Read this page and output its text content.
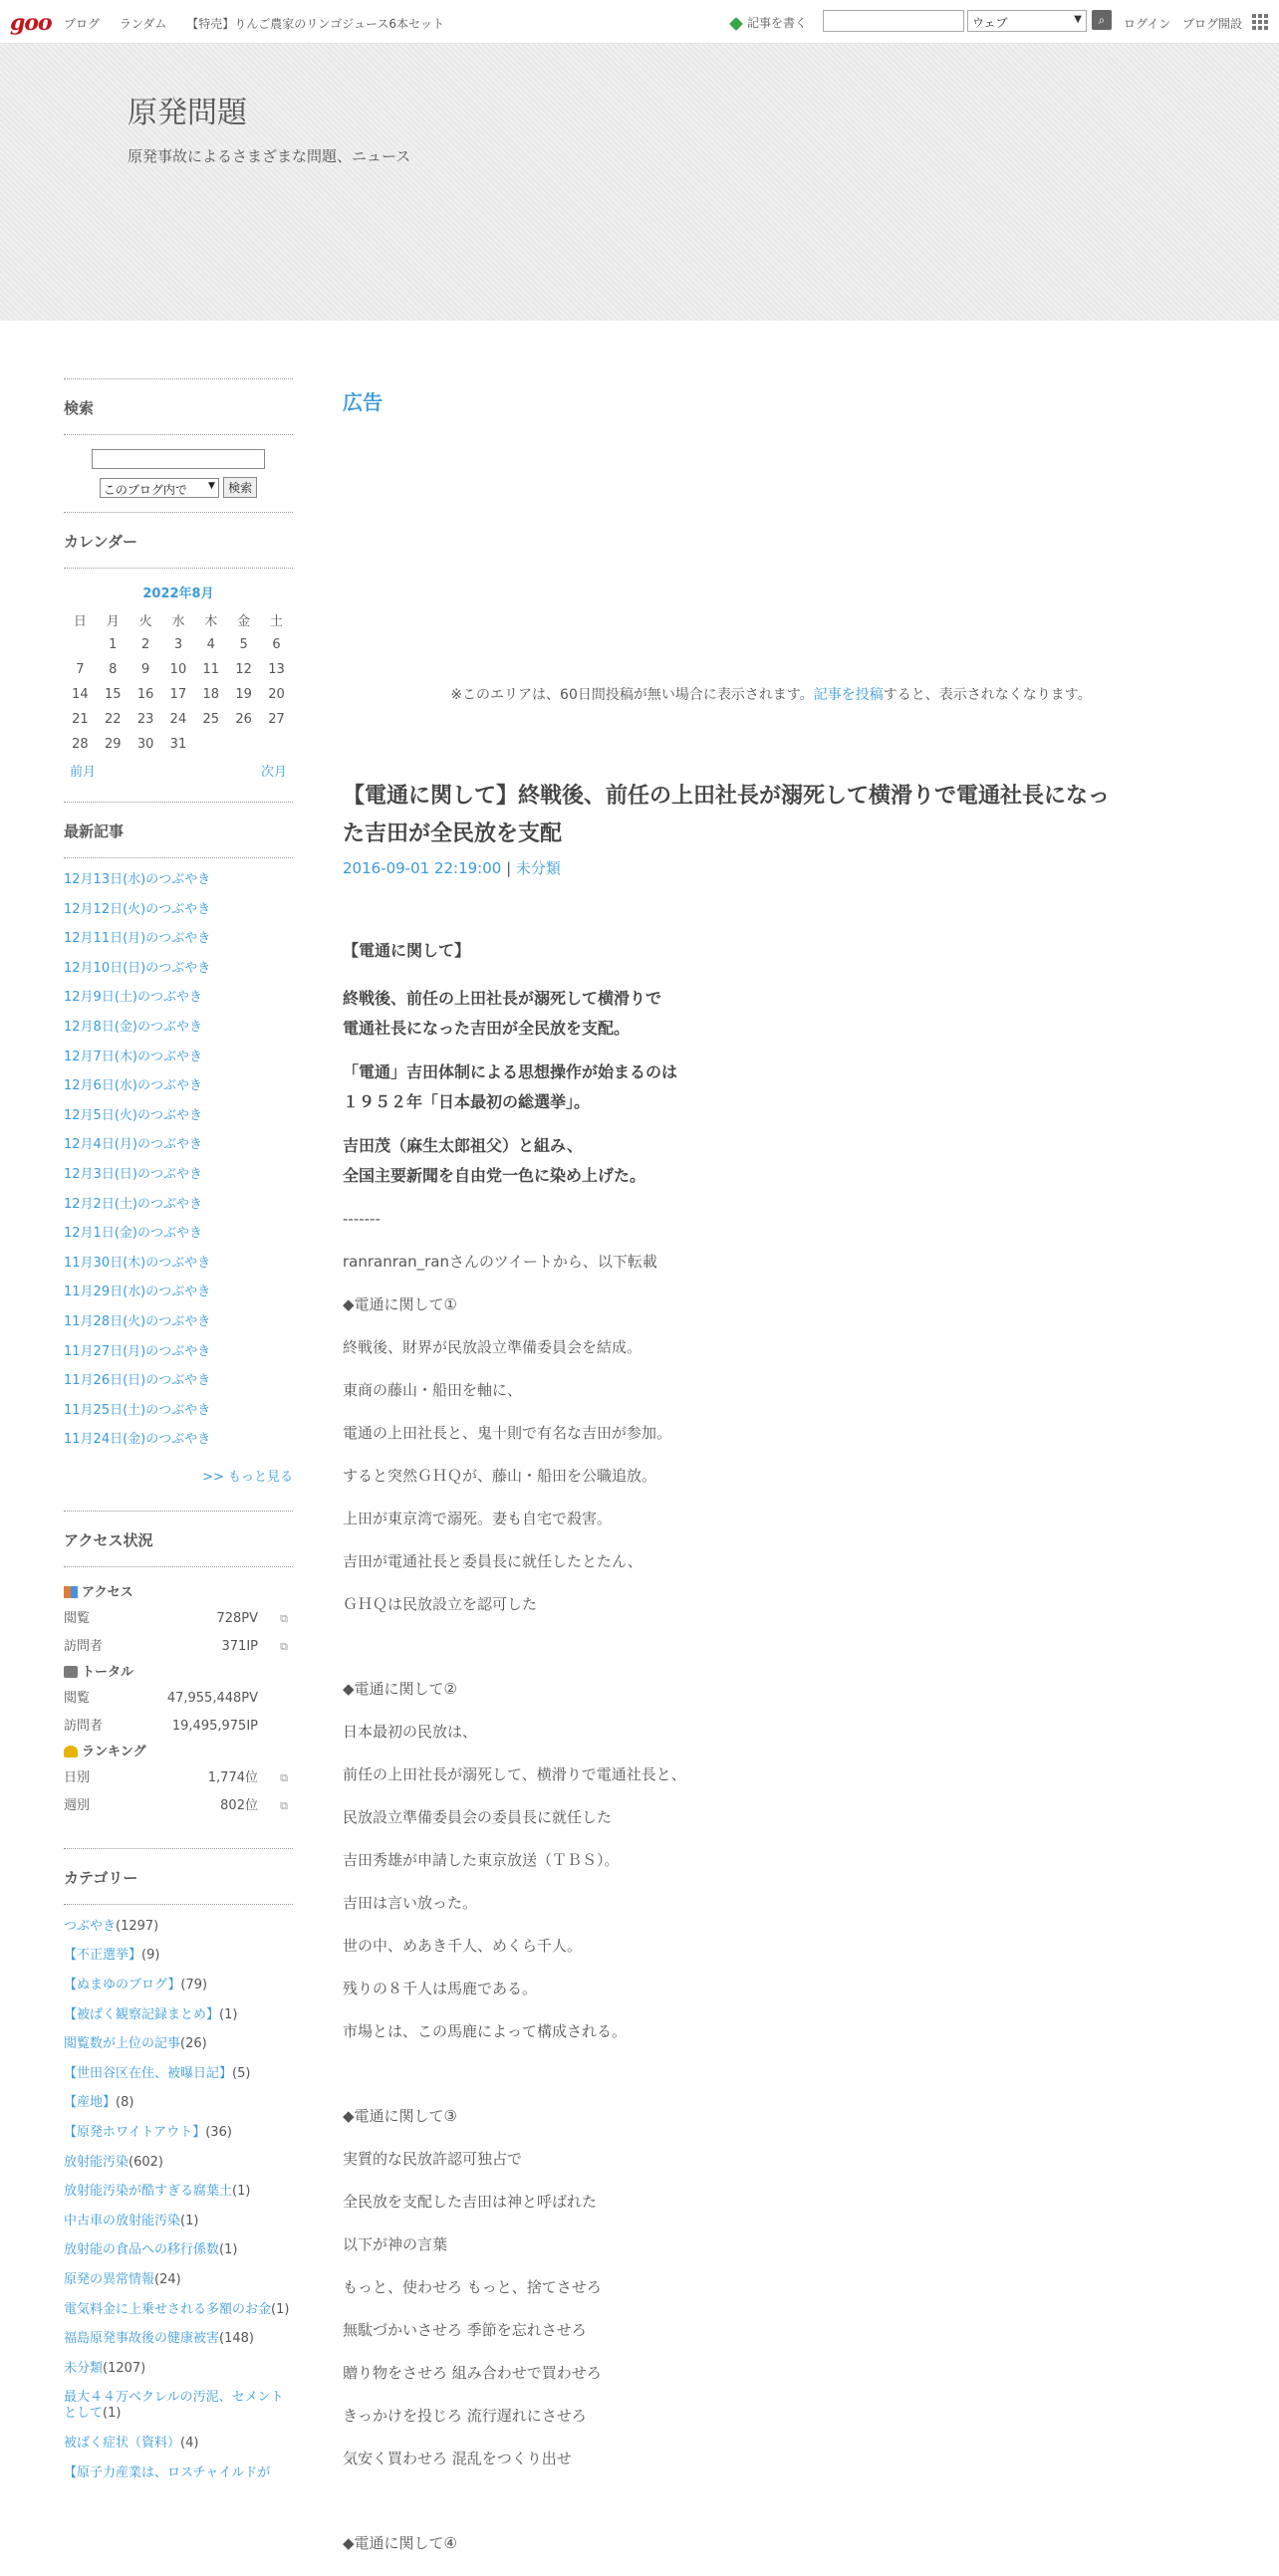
goo ブログ ランダム 【特売】りんご農家のリンゴジュース6本セット	記事を書く	ウェブ	▼	⌕	ログイン ブログ開設
原発問題
原発事故によるさまざまな問題、ニュース
検索
このブログ内で ▼ 検索
カレンダー
2022年8月
日	月	火	水	木	金	土
	1	2	3	4	5	6
7	8	9	10	11	12	13
14	15	16	17	18	19	20
21	22	23	24	25	26	27
28	29	30	31			
前月	次月
最新記事
12月13日(水)のつぶやき
12月12日(火)のつぶやき
12月11日(月)のつぶやき
12月10日(日)のつぶやき
12月9日(土)のつぶやき
12月8日(金)のつぶやき
12月7日(木)のつぶやき
12月6日(水)のつぶやき
12月5日(火)のつぶやき
12月4日(月)のつぶやき
12月3日(日)のつぶやき
12月2日(土)のつぶやき
12月1日(金)のつぶやき
11月30日(木)のつぶやき
11月29日(水)のつぶやき
11月28日(火)のつぶやき
11月27日(月)のつぶやき
11月26日(日)のつぶやき
11月25日(土)のつぶやき
11月24日(金)のつぶやき
>> もっと見る
アクセス状況
アクセス
閲覧	728PV	⧉
訪問者	371IP	⧉
トータル
閲覧	47,955,448PV
訪問者	19,495,975IP
ランキング
日別	1,774位	⧉
週別	802位	⧉
カテゴリー
つぶやき(1297)
【不正選挙】(9)
【ぬまゆのブログ】(79)
【被ばく観察記録まとめ】(1)
閲覧数が上位の記事(26)
【世田谷区在住、被曝日記】(5)
【産地】(8)
【原発ホワイトアウト】(36)
放射能汚染(602)
放射能汚染が酷すぎる腐葉土(1)
中古車の放射能汚染(1)
放射能の食品への移行係数(1)
原発の異常情報(24)
電気料金に上乗せされる多額のお金(1)
福島原発事故後の健康被害(148)
未分類(1207)
最大４４万ベクレルの汚泥、セメントとして(1)
被ばく症状（資料）(4)
【原子力産業は、ロスチャイルドが
広告
※このエリアは、60日間投稿が無い場合に表示されます。記事を投稿すると、表示されなくなります。
【電通に関して】終戦後、前任の上田社長が溺死して横滑りで電通社長になっ
た吉田が全民放を支配
2016-09-01 22:19:00 | 未分類
【電通に関して】
終戦後、前任の上田社長が溺死して横滑りで
電通社長になった吉田が全民放を支配。
「電通」吉田体制による思想操作が始まるのは
１９５２年「日本最初の総選挙」。
吉田茂（麻生太郎祖父）と組み、
全国主要新聞を自由党一色に染め上げた。

-------

ranranran_ranさんのツイートから、以下転載

◆電通に関して①

終戦後、財界が民放設立準備委員会を結成。

東商の藤山・船田を軸に、

電通の上田社長と、鬼十則で有名な吉田が参加。

すると突然ＧＨＱが、藤山・船田を公職追放。

上田が東京湾で溺死。妻も自宅で殺害。

吉田が電通社長と委員長に就任したとたん、

ＧＨＱは民放設立を認可した

◆電通に関して②

日本最初の民放は、

前任の上田社長が溺死して、横滑りで電通社長と、

民放設立準備委員会の委員長に就任した

吉田秀雄が申請した東京放送（ＴＢＳ）。

吉田は言い放った。

世の中、めあき千人、めくら千人。

残りの８千人は馬鹿である。

市場とは、この馬鹿によって構成される。

◆電通に関して③

実質的な民放許認可独占で

全民放を支配した吉田は神と呼ばれた

以下が神の言葉

もっと、使わせろ もっと、捨てさせろ

無駄づかいさせろ 季節を忘れさせろ

贈り物をさせろ 組み合わせで買わせろ

きっかけを投じろ 流行遅れにさせろ

気安く買わせろ 混乱をつくり出せ

◆電通に関して④
